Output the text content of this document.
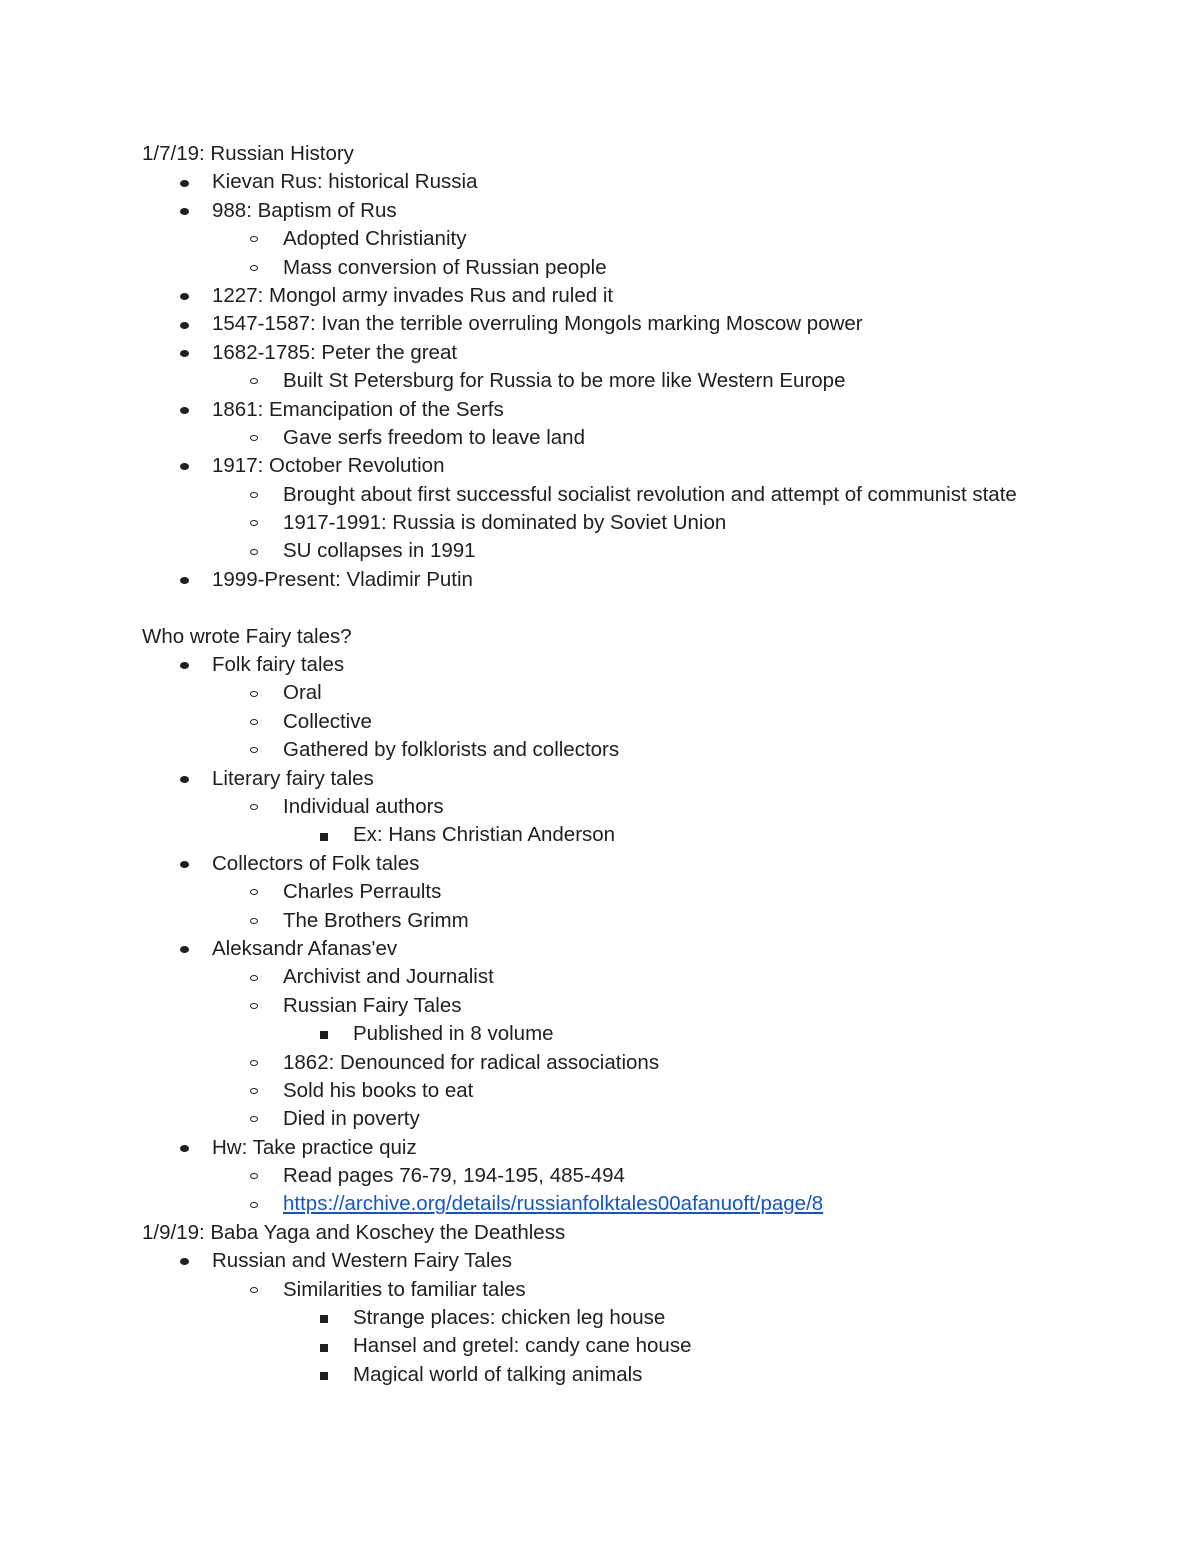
1/7/19: Russian History
Kievan Rus: historical Russia
988: Baptism of Rus
Adopted Christianity
Mass conversion of Russian people
1227: Mongol army invades Rus and ruled it
1547-1587: Ivan the terrible overruling Mongols marking Moscow power
1682-1785: Peter the great
Built St Petersburg for Russia to be more like Western Europe
1861: Emancipation of the Serfs
Gave serfs freedom to leave land
1917: October Revolution
Brought about first successful socialist revolution and attempt of communist state
1917-1991: Russia is dominated by Soviet Union
SU collapses in 1991
1999-Present: Vladimir Putin
Who wrote Fairy tales?
Folk fairy tales
Oral
Collective
Gathered by folklorists and collectors
Literary fairy tales
Individual authors
Ex: Hans Christian Anderson
Collectors of Folk tales
Charles Perraults
The Brothers Grimm
Aleksandr Afanas'ev
Archivist and Journalist
Russian Fairy Tales
Published in 8 volume
1862: Denounced for radical associations
Sold his books to eat
Died in poverty
Hw: Take practice quiz
Read pages 76-79, 194-195, 485-494
https://archive.org/details/russianfolktales00afanuoft/page/8
1/9/19: Baba Yaga and Koschey the Deathless
Russian and Western Fairy Tales
Similarities to familiar tales
Strange places: chicken leg house
Hansel and gretel: candy cane house
Magical world of talking animals
